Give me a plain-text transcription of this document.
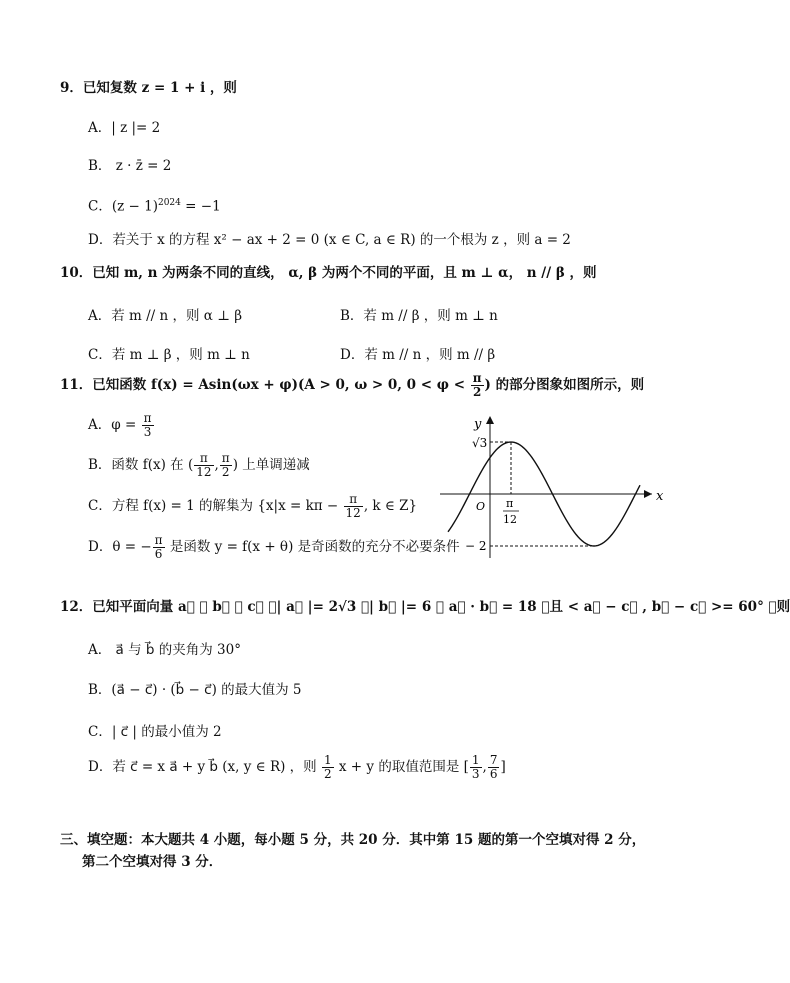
9．已知复数 z = 1 + i ，则
A．| z |= 2
B． z · z̄ = 2
C．$(z - 1)^{2024} = -1$
D．若关于 x 的方程 x² − ax + 2 = 0 (x ∈ C, a ∈ R) 的一个根为 z ，则 a = 2
10．已知 m, n 为两条不同的直线， α, β 为两个不同的平面，且 m ⊥ α， n // β ，则
A．若 m // n ，则 α ⊥ β	B．若 m // β ，则 m ⊥ n
C．若 m ⊥ β ，则 m ⊥ n	D．若 m // n ，则 m // β
11．已知函数 f(x) = Asin(ωx + φ)(A > 0, ω > 0, $0 < \varphi < \frac{\pi}{2}$ ) 的部分图象如图所示，则
A．$\varphi = \frac{\pi}{3}$
B．函数 f(x) 在 ( $\frac{\pi}{12}$ , $\frac{\pi}{2}$ ) 上单调递减
C．方程 f(x) = 1 的解集为 {$x|x = k\pi - \frac{\pi}{12}$ , k ∈ Z}
D．θ = − $\frac{\pi}{6}$ 是函数 y = f(x + θ) 是奇函数的充分不必要条件
y
x
O
√3
− 2
π
12
12．已知平面向量 a⃗ ， b⃗ ， c⃗ ，| a⃗ |= 2√3 ，| b⃗ |= 6 ， a⃗ · b⃗ = 18 ，且 < a⃗ − c⃗ , b⃗ − c⃗ >= 60° ，则
A． a⃗ 与 b⃗ 的夹角为 30°
B．(a⃗ − c⃗) · (b⃗ − c⃗) 的最大值为 5
C．| c⃗ | 的最小值为 2
D．若 c⃗ = x a⃗ + y b⃗ (x, y ∈ R) ，则 $\frac{1}{2}$ x + y 的取值范围是 [ $\frac{1}{3}$ , $\frac{7}{6}$ ]
三、填空题：本大题共 4 小题，每小题 5 分，共 20 分．其中第 15 题的第一个空填对得 2 分，
第二个空填对得 3 分．
